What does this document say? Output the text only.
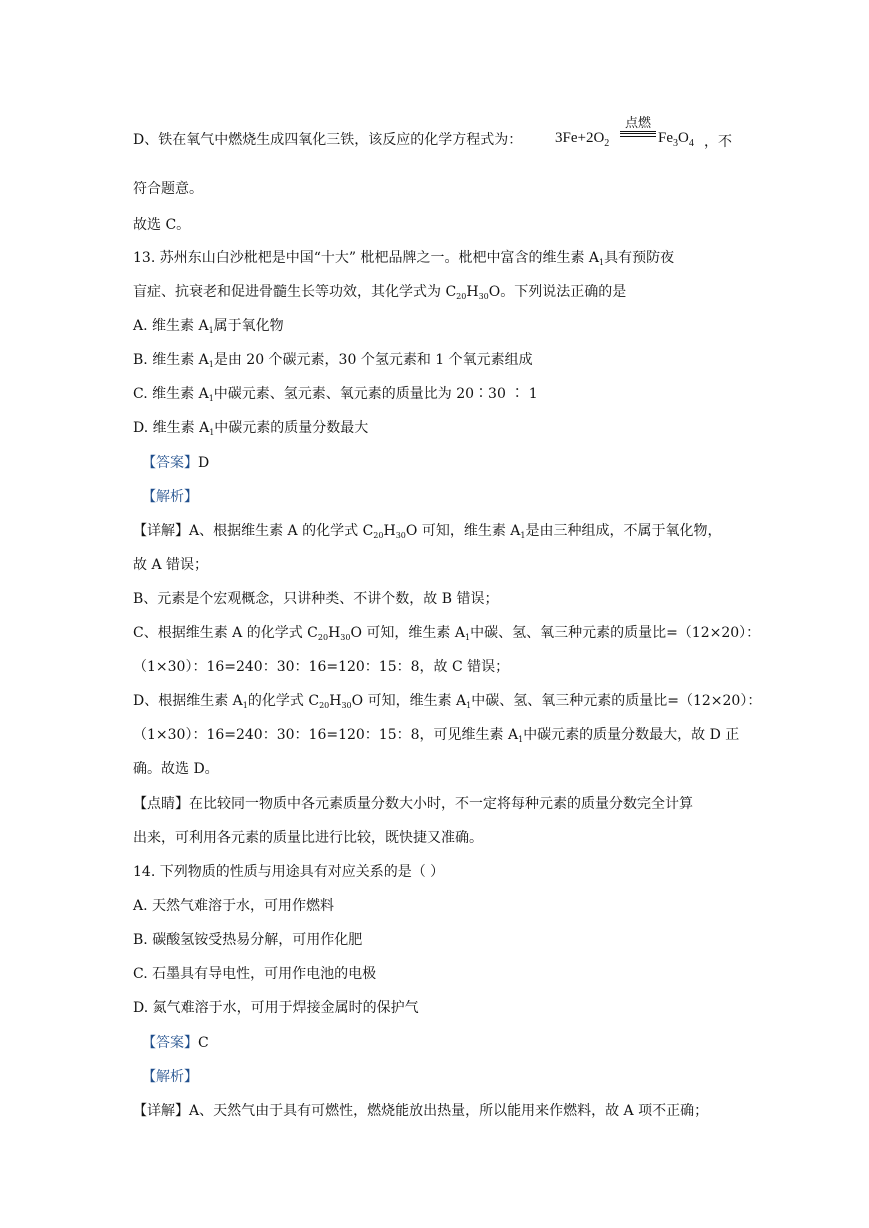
D、铁在氧气中燃烧生成四氧化三铁，该反应的化学方程式为：
点燃
$3Fe+2O_2$	$Fe_3O_4$ ，不
符合题意。
故选 C。
13. 苏州东山白沙枇杷是中国“十大” 枇杷品牌之一。枇杷中富含的维生素 $A_1$具有预防夜
盲症、抗衰老和促进骨髓生长等功效，其化学式为 $C_{20}H_{30}O$。下列说法正确的是
A. 维生素 $A_1$属于氧化物
B. 维生素 $A_1$是由 20 个碳元素，30 个氢元素和 1 个氧元素组成
C. 维生素 $A_1$中碳元素、氢元素、氧元素的质量比为 20∶30 ∶ 1
D. 维生素 $A_1$中碳元素的质量分数最大
【答案】D
【解析】
【详解】A、根据维生素 A 的化学式 $C_{20}H_{30}O$ 可知，维生素 $A_1$是由三种组成，不属于氧化物，
故 A 错误；
B、元素是个宏观概念，只讲种类、不讲个数，故 B 错误；
C、根据维生素 A 的化学式 $C_{20}H_{30}O$ 可知，维生素 $A_1$中碳、氢、氧三种元素的质量比=（12×20）：
（1×30）：16=240：30：16=120：15：8，故 C 错误；
D、根据维生素 $A_1$的化学式 $C_{20}H_{30}O$ 可知，维生素 $A_1$中碳、氢、氧三种元素的质量比=（12×20）：
（1×30）：16=240：30：16=120：15：8，可见维生素 $A_1$中碳元素的质量分数最大，故 D 正
确。故选 D。
【点睛】在比较同一物质中各元素质量分数大小时，不一定将每种元素的质量分数完全计算
出来，可利用各元素的质量比进行比较，既快捷又准确。
14. 下列物质的性质与用途具有对应关系的是（ ）
A. 天然气难溶于水，可用作燃料
B. 碳酸氢铵受热易分解，可用作化肥
C. 石墨具有导电性，可用作电池的电极
D. 氮气难溶于水，可用于焊接金属时的保护气
【答案】C
【解析】
【详解】A、天然气由于具有可燃性，燃烧能放出热量，所以能用来作燃料，故 A 项不正确；
